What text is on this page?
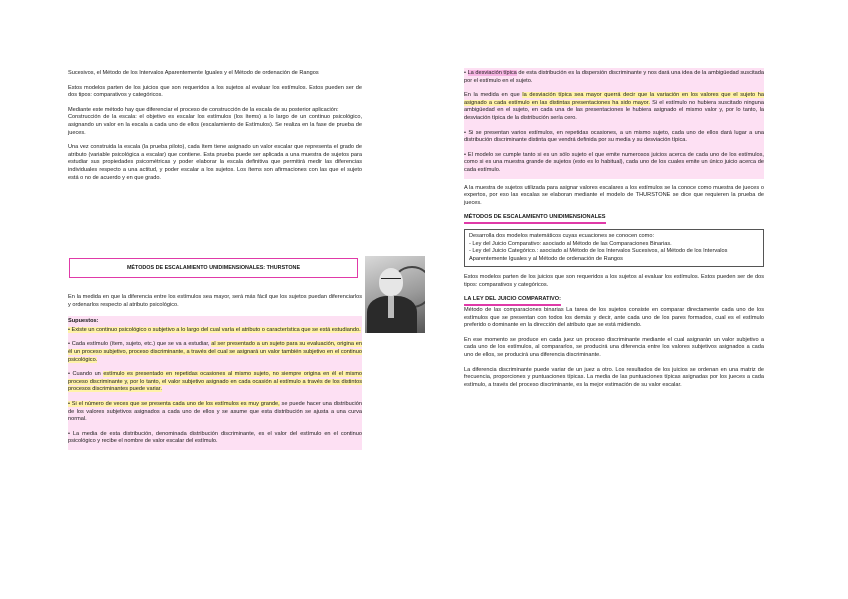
Sucesivos, el Método de los Intervalos Aparentemente Iguales y el Método de ordenación de Rangos

Estos modelos parten de los juicios que son requeridos a los sujetos al evaluar los estímulos. Estos pueden ser de dos tipos: comparativos y categóricos.

Mediante este método hay que diferenciar el proceso de construcción de la escala de su posterior aplicación:

Construcción de la escala: el objetivo es escalar los estímulos (los ítems) a lo largo de un continuo psicológico, asignando un valor en la escala a cada uno de ellos (escalamiento de Estímulos). Se realiza en la fase de prueba de jueces.

Una vez construida la escala (la prueba piloto), cada ítem tiene asignado un valor escalar que representa el grado de atributo (variable psicológica a escalar) que contiene. Esta prueba puede ser aplicada a una muestra de sujetos para estudiar sus propiedades psicométricas y poder elaborar la escala definitiva que permitirá medir las diferencias individuales respecto a una actitud, y poder escalar a los sujetos. Los ítems son afirmaciones con las que el sujeto está o no de acuerdo y en que grado.

MÉTODOS DE ESCALAMIENTO UNIDIMENSIONALES: THURSTONE

En la medida en que la diferencia entre los estímulos sea mayor, será más fácil que los sujetos puedan diferenciarlos y ordenarlos respecto al atributo psicológico.

Supuestos:

• Existe un continuo psicológico o subjetivo a lo largo del cual varía el atributo o característica que se está estudiando.

• Cada estímulo (ítem, sujeto, etc.) que se va a estudiar, al ser presentado a un sujeto para su evaluación, origina en él un proceso subjetivo, proceso discriminante, a través del cual se asignará un valor también subjetivo en el continuo psicológico.

• Cuando un estímulo es presentado en repetidas ocasiones al mismo sujeto, no siempre origina en él el mismo proceso discriminante y, por lo tanto, el valor subjetivo asignado en cada ocasión al estímulo a través de los distintos procesos discriminantes puede variar.

• Si el número de veces que se presenta cada uno de los estímulos es muy grande, se puede hacer una distribución de los valores subjetivos asignados a cada uno de ellos y se asume que esta distribución se ajusta a una curva normal.

• La media de esta distribución, denominada distribución discriminante, es el valor del estímulo en el continuo psicológico y recibe el nombre de valor escalar del estímulo.

• La desviación típica de esta distribución es la dispersión discriminante y nos dará una idea de la ambigüedad suscitada por el estímulo en el sujeto.

En la medida en que la desviación típica sea mayor querrá decir que la variación en los valores que el sujeto ha asignado a cada estímulo en las distintas presentaciones ha sido mayor. Si el estímulo no hubiera suscitado ninguna ambigüedad en el sujeto, en cada una de las presentaciones le hubiera asignado el mismo valor y, por lo tanto, la desviación típica de la distribución sería cero.

• Si se presentan varios estímulos, en repetidas ocasiones, a un mismo sujeto, cada uno de ellos dará lugar a una distribución discriminante distinta que vendrá definida por su media y su desviación típica.

• El modelo se cumple tanto si es un sólo sujeto el que emite numerosos juicios acerca de cada uno de los estímulos, como si es una muestra grande de sujetos (esto es lo habitual), cada uno de los cuales emite un único juicio acerca de cada estímulo.

A la muestra de sujetos utilizada para asignar valores escalares a los estímulos se la conoce como muestra de jueces o expertos, por eso las escalas se elaboran mediante el modelo de THURSTONE se dice que requieren la prueba de jueces.

MÉTODOS DE ESCALAMIENTO UNIDIMENSIONALES

Desarrolla dos modelos matemáticos cuyas ecuaciones se conocen como:
- Ley del Juicio Comparativo: asociado al Método de las Comparaciones Binarias.
- Ley del Juicio Categórico.: asociado al Método de los Intervalos Sucesivos, al Método de los Intervalos Aparentemente Iguales y al Método de ordenación de Rangos

Estos modelos parten de los juicios que son requeridos a los sujetos al evaluar los estímulos. Estos pueden ser de dos tipos: comparativos y categóricos.

LA LEY DEL JUICIO COMPARATIVO:

Método de las comparaciones binarias La tarea de los sujetos consiste en comparar directamente cada uno de los estímulos que se presentan con todos los demás y decir, ante cada uno de los pares formados, cual es el estímulo preferido o dominante en la dirección del atributo que se está midiendo.

En ese momento se produce en cada juez un proceso discriminante mediante el cual asignarán un valor subjetivo a cada uno de los estímulos, al compararlos, se producirá una diferencia entre los valores subjetivos asignados a cada uno de ellos, se producirá una diferencia discriminante.

La diferencia discriminante puede variar de un juez a otro. Los resultados de los juicios se ordenan en una matriz de frecuencia, proporciones y puntuaciones típicas. La media de las puntuaciones típicas asignadas por los jueces a cada estímulo, a través del proceso discriminante, es la mejor estimación de su valor escalar.
